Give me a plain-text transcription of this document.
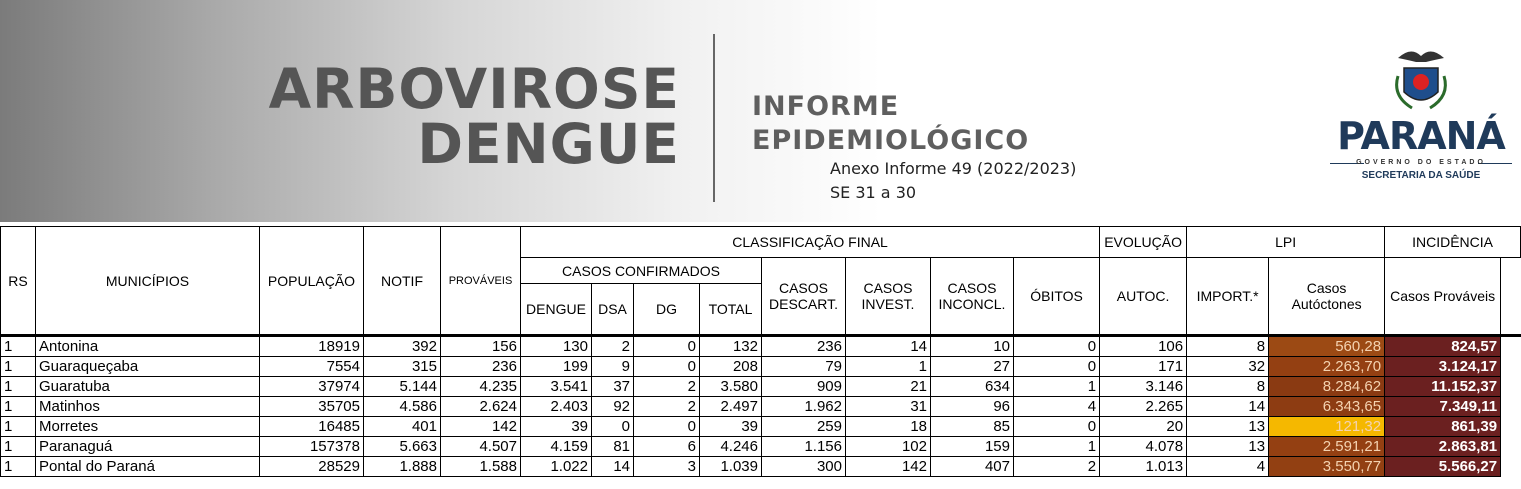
ARBOVIROSE
DENGUE
INFORME
EPIDEMIOLÓGICO
Anexo Informe 49 (2022/2023)
SE 31 a 30
PARANÁ
GOVERNO DO ESTADO
SECRETARIA DA SAÚDE
RS	MUNICÍPIOS	POPULAÇÃO	NOTIF	PROVÁVEIS	CLASSIFICAÇÃO FINAL								EVOLUÇÃO	LPI		INCIDÊNCIA
					CASOS CONFIRMADOS				CASOS DESCART.	CASOS INVEST.	CASOS INCONCL.	ÓBITOS	AUTOC.	IMPORT.*	Casos Autóctones	Casos Prováveis
					DENGUE	DSA	DG	TOTAL								
1	Antonina	18919	392	156	130	2	0	132	236	14	10	0	106	8	560,28	824,57
1	Guaraqueçaba	7554	315	236	199	9	0	208	79	1	27	0	171	32	2.263,70	3.124,17
1	Guaratuba	37974	5.144	4.235	3.541	37	2	3.580	909	21	634	1	3.146	8	8.284,62	11.152,37
1	Matinhos	35705	4.586	2.624	2.403	92	2	2.497	1.962	31	96	4	2.265	14	6.343,65	7.349,11
1	Morretes	16485	401	142	39	0	0	39	259	18	85	0	20	13	121,32	861,39
1	Paranaguá	157378	5.663	4.507	4.159	81	6	4.246	1.156	102	159	1	4.078	13	2.591,21	2.863,81
1	Pontal do Paraná	28529	1.888	1.588	1.022	14	3	1.039	300	142	407	2	1.013	4	3.550,77	5.566,27
